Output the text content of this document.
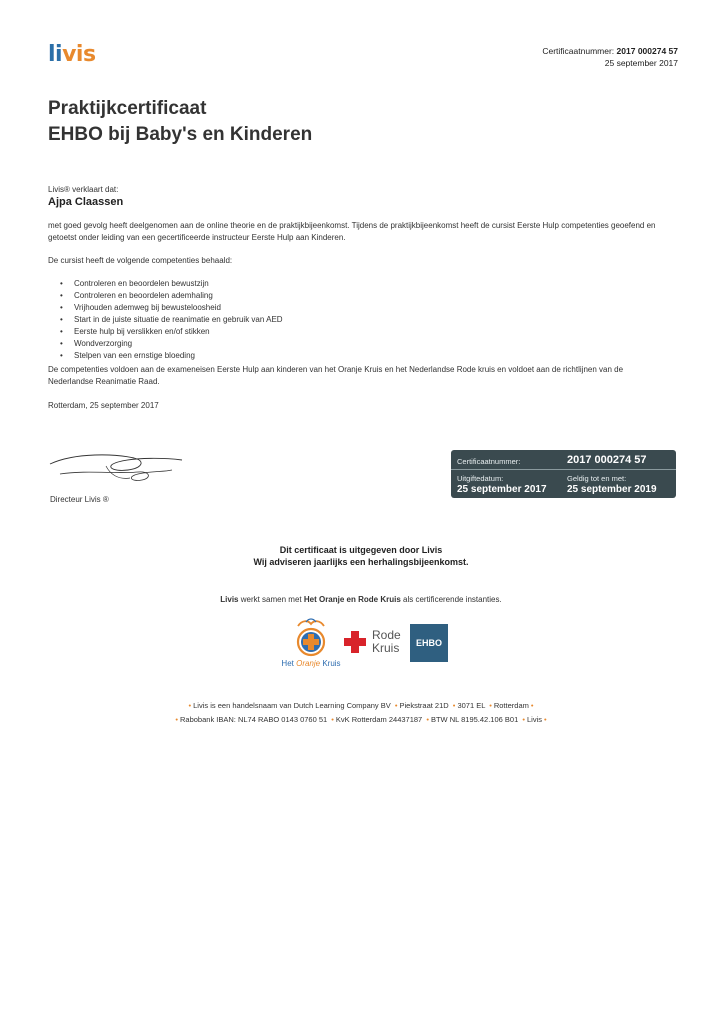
livis	Certificaatnummer: 2017 000274 57
25 september 2017
Praktijkcertificaat
EHBO bij Baby's en Kinderen
Livis® verklaart dat:
Ajpa Claassen
met goed gevolg heeft deelgenomen aan de online theorie en de praktijkbijeenkomst. Tijdens de praktijkbijeenkomst heeft de cursist Eerste Hulp competenties geoefend en getoetst onder leiding van een gecertificeerde instructeur Eerste Hulp aan Kinderen.
De cursist heeft de volgende competenties behaald:
• Controleren en beoordelen bewustzijn
• Controleren en beoordelen ademhaling
• Vrijhouden ademweg bij bewusteloosheid
• Start in de juiste situatie de reanimatie en gebruik van AED
• Eerste hulp bij verslikken en/of stikken
• Wondverzorging
• Stelpen van een ernstige bloeding
De competenties voldoen aan de exameneisen Eerste Hulp aan kinderen van het Oranje Kruis en het Nederlandse Rode kruis en voldoet aan de richtlijnen van de Nederlandse Reanimatie Raad.
Rotterdam, 25 september 2017
Directeur Livis ®
Certificaatnummer:	2017 000274 57
Uitgiftedatum:
25 september 2017
Geldig tot en met:
25 september 2019
Dit certificaat is uitgegeven door Livis
Wij adviseren jaarlijks een herhalingsbijeenkomst.
Livis werkt samen met Het Oranje en Rode Kruis als certificerende instanties.
Het Oranje Kruis
Rode
Kruis	EHBO
• Livis is een handelsnaam van Dutch Learning Company BV • Piekstraat 21D • 3071 EL • Rotterdam •
• Rabobank IBAN: NL74 RABO 0143 0760 51 • KvK Rotterdam 24437187 • BTW NL 8195.42.106 B01 • Livis •
